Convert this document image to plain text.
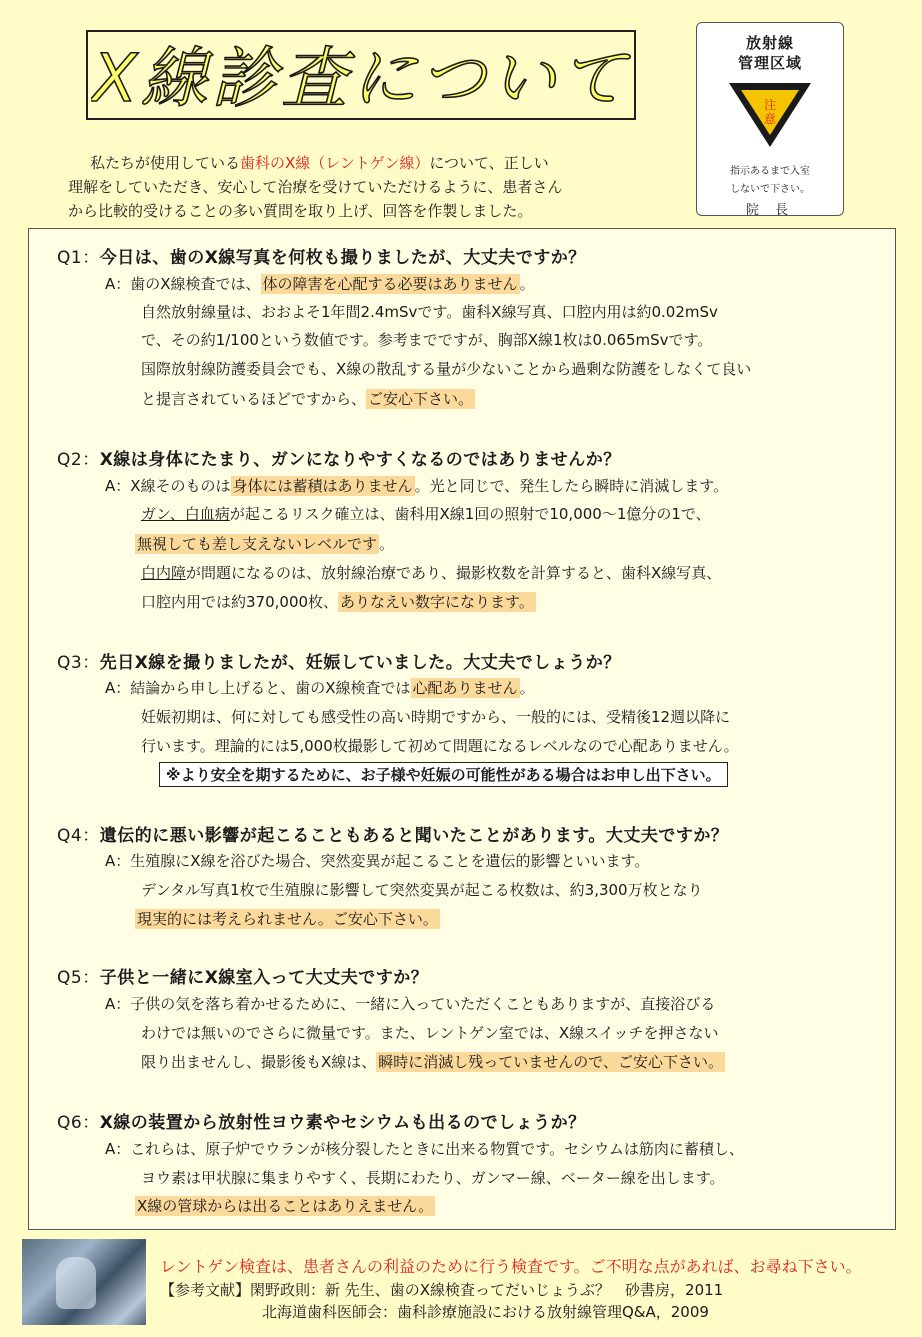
X線診査について	放射線
管理区域
注
意
指示あるまで入室
しないで下さい。
院 長
私たちが使用している歯科のX線（レントゲン線）について、正しい
理解をしていただき、安心して治療を受けていただけるように、患者さん
から比較的受けることの多い質問を取り上げ、回答を作製しました。
Q1：今日は、歯のX線写真を何枚も撮りましたが、大丈夫ですか？
A：歯のX線検査では、 体の障害を心配する必要はありません 。
自然放射線量は、おおよそ1年間2.4mSvです。歯科X線写真、口腔内用は約0.02mSv
で、その約1/100という数値です。参考までですが、胸部X線1枚は0.065mSvです。
国際放射線防護委員会でも、X線の散乱する量が少ないことから過剰な防護をしなくて良い
と提言されているほどですから、 ご安心下さい。
Q2：X線は身体にたまり、ガンになりやすくなるのではありませんか？
A：X線そのものは 身体には蓄積はありません 。光と同じで、発生したら瞬時に消滅します。
ガン、白血病が起こるリスク確立は、歯科用X線1回の照射で10,000～1億分の1で、
無視しても差し支えないレベルです 。
白内障が問題になるのは、放射線治療であり、撮影枚数を計算すると、歯科X線写真、
口腔内用では約370,000枚、 ありなえい数字になります。
Q3：先日X線を撮りましたが、妊娠していました。大丈夫でしょうか？
A：結論から申し上げると、歯のX線検査では 心配ありません 。
妊娠初期は、何に対しても感受性の高い時期ですから、一般的には、受精後12週以降に
行います。理論的には5,000枚撮影して初めて問題になるレベルなので心配ありません。
※より安全を期するために、お子様や妊娠の可能性がある場合はお申し出下さい。
Q4：遺伝的に悪い影響が起こることもあると聞いたことがあります。大丈夫ですか？
A：生殖腺にX線を浴びた場合、突然変異が起こることを遺伝的影響といいます。
デンタル写真1枚で生殖腺に影響して突然変異が起こる枚数は、約3,300万枚となり
現実的には考えられません。ご安心下さい。
Q5：子供と一緒にX線室入って大丈夫ですか？
A：子供の気を落ち着かせるために、一緒に入っていただくこともありますが、直接浴びる
わけでは無いのでさらに微量です。また、レントゲン室では、X線スイッチを押さない
限り出ませんし、撮影後もX線は、 瞬時に消滅し残っていませんので、ご安心下さい。
Q6：X線の装置から放射性ヨウ素やセシウムも出るのでしょうか？
A：これらは、原子炉でウランが核分裂したときに出来る物質です。セシウムは筋肉に蓄積し、
ヨウ素は甲状腺に集まりやすく、長期にわたり、ガンマー線、ベーター線を出します。
X線の管球からは出ることはありえません。
レントゲン検査は、患者さんの利益のために行う検査です。ご不明な点があれば、お尋ね下さい。
【参考文献】閑野政則：新 先生、歯のX線検査ってだいじょうぶ？　砂書房，2011
北海道歯科医師会：歯科診療施設における放射線管理Q&A，2009
